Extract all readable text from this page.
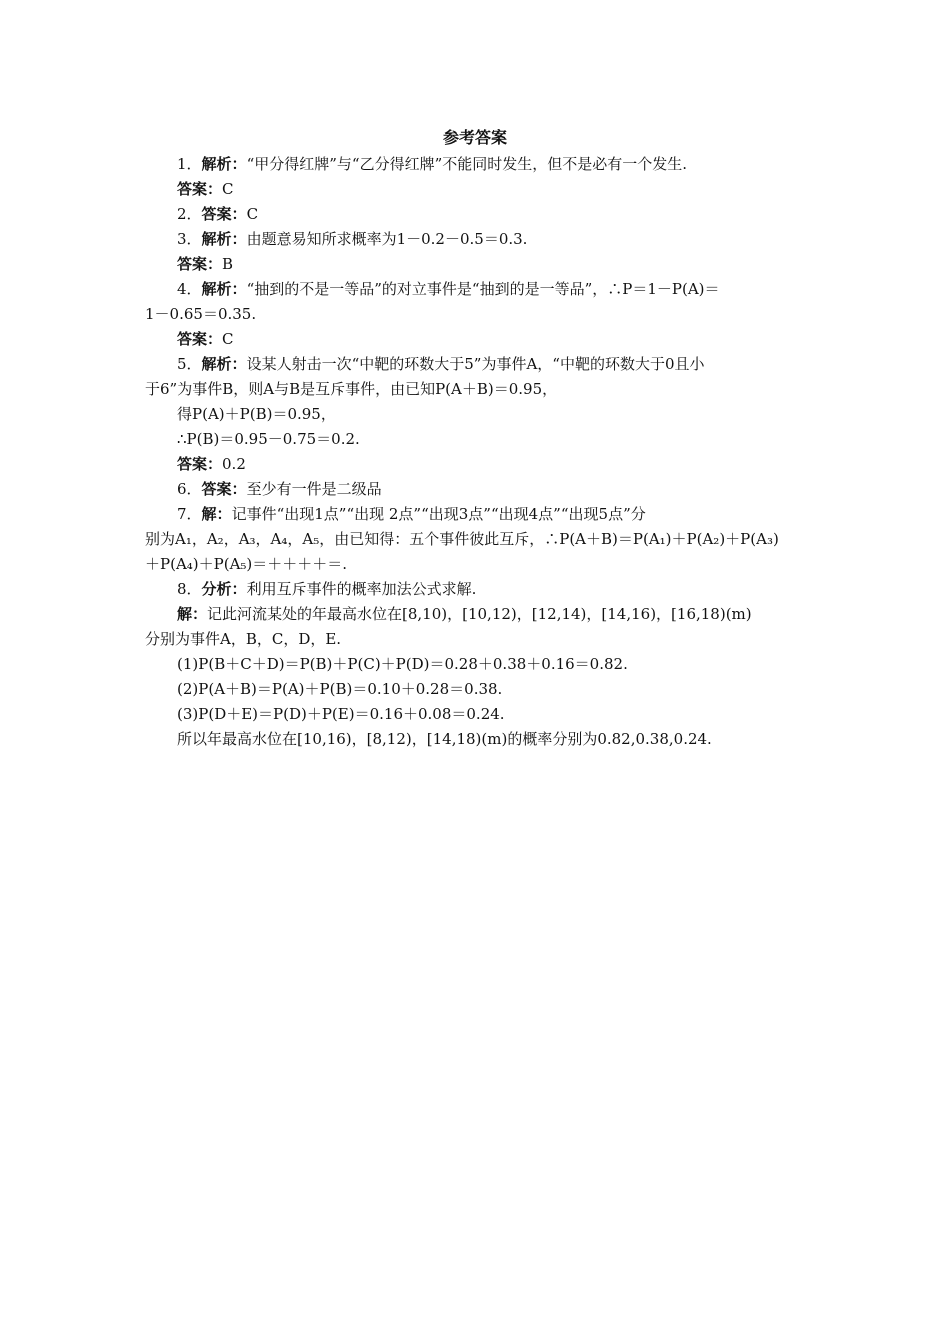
参考答案
1．解析：“甲分得红牌”与“乙分得红牌”不能同时发生，但不是必有一个发生.
答案：C
2．答案：C
3．解析：由题意易知所求概率为1－0.2－0.5＝0.3.
答案：B
4．解析：“抽到的不是一等品”的对立事件是“抽到的是一等品”，∴P＝1－P(A)＝
1－0.65＝0.35.
答案：C
5．解析：设某人射击一次“中靶的环数大于5”为事件A，“中靶的环数大于0且小
于6”为事件B，则A与B是互斥事件，由已知P(A＋B)＝0.95，
得P(A)＋P(B)＝0.95，
∴P(B)＝0.95－0.75＝0.2.
答案：0.2
6．答案：至少有一件是二级品
7．解：记事件“出现1点”“出现 2点”“出现3点”“出现4点”“出现5点”分
别为A₁，A₂，A₃，A₄，A₅，由已知得：五个事件彼此互斥，∴P(A＋B)＝P(A₁)＋P(A₂)＋P(A₃)
＋P(A₄)＋P(A₅)＝＋＋＋＋＝.
8．分析：利用互斥事件的概率加法公式求解.
解：记此河流某处的年最高水位在[8,10)，[10,12)，[12,14)，[14,16)，[16,18)(m)
分别为事件A，B，C，D，E.
(1)P(B＋C＋D)＝P(B)＋P(C)＋P(D)＝0.28＋0.38＋0.16＝0.82.
(2)P(A＋B)＝P(A)＋P(B)＝0.10＋0.28＝0.38.
(3)P(D＋E)＝P(D)＋P(E)＝0.16＋0.08＝0.24.
所以年最高水位在[10,16)，[8,12)，[14,18)(m)的概率分别为0.82,0.38,0.24.
